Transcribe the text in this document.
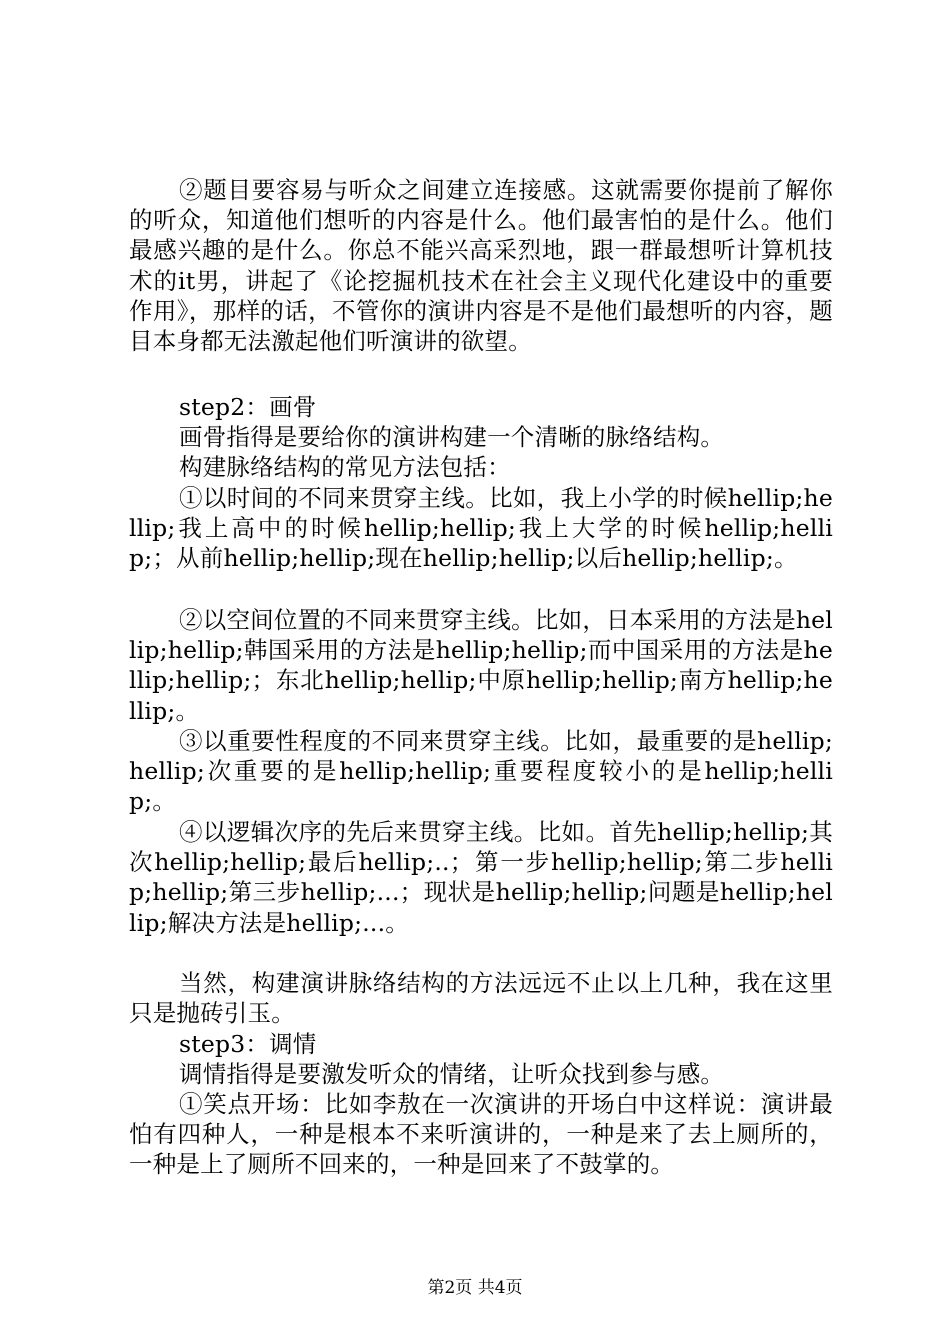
②题目要容易与听众之间建立连接感。这就需要你提前了解你的听众，知道他们想听的内容是什么。他们最害怕的是什么。他们最感兴趣的是什么。你总不能兴高采烈地，跟一群最想听计算机技术的it男，讲起了《论挖掘机技术在社会主义现代化建设中的重要作用》，那样的话，不管你的演讲内容是不是他们最想听的内容，题目本身都无法激起他们听演讲的欲望。

step2：画骨

画骨指得是要给你的演讲构建一个清晰的脉络结构。

构建脉络结构的常见方法包括：

①以时间的不同来贯穿主线。比如，我上小学的时候hellip;hellip;我上高中的时候hellip;hellip;我上大学的时候hellip;hellip;；从前hellip;hellip;现在hellip;hellip;以后hellip;hellip;。

②以空间位置的不同来贯穿主线。比如，日本采用的方法是hellip;hellip;韩国采用的方法是hellip;hellip;而中国采用的方法是hellip;hellip;；东北hellip;hellip;中原hellip;hellip;南方hellip;hellip;。

③以重要性程度的不同来贯穿主线。比如，最重要的是hellip;hellip;次重要的是hellip;hellip;重要程度较小的是hellip;hellip;。

④以逻辑次序的先后来贯穿主线。比如。首先hellip;hellip;其次hellip;hellip;最后hellip;..；第一步hellip;hellip;第二步hellip;hellip;第三步hellip;...；现状是hellip;hellip;问题是hellip;hellip;解决方法是hellip;...。

当然，构建演讲脉络结构的方法远远不止以上几种，我在这里只是抛砖引玉。

step3：调情

调情指得是要激发听众的情绪，让听众找到参与感。

①笑点开场：比如李敖在一次演讲的开场白中这样说：演讲最怕有四种人，一种是根本不来听演讲的，一种是来了去上厕所的，一种是上了厕所不回来的，一种是回来了不鼓掌的。

第2页 共4页
